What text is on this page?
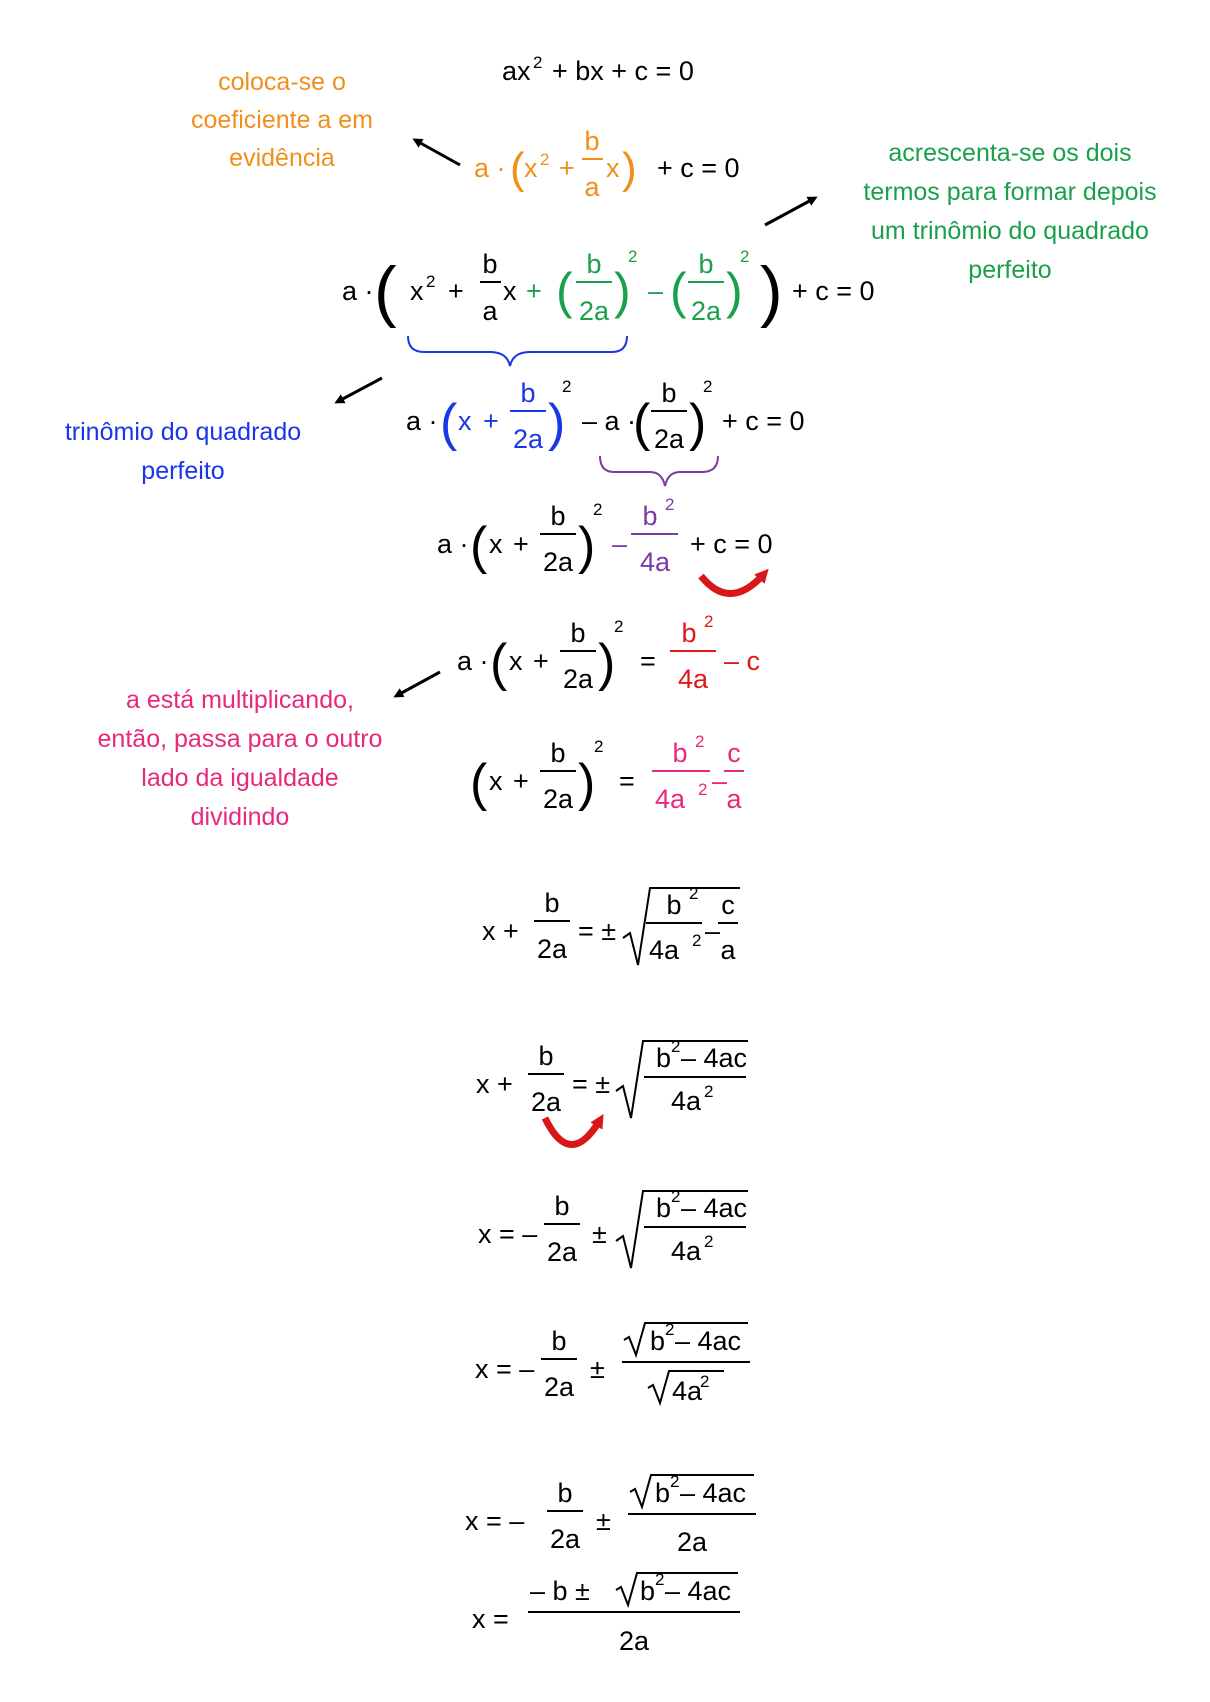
coloca-se o
coeficiente a em
evidência	acrescenta-se os dois
termos para formar depois
um trinômio do quadrado
perfeito
trinômio do quadrado
perfeito
a está multiplicando,
então, passa para o outro
lado da igualdade
dividindo
ax 2 + bx + c = 0
a · ( x 2 +
b
a
x ) + c = 0
a · ( x 2 +
b
a
x + ( b
2a )
2
– ( b
2a )
2 ) + c = 0
a · ( x +
b
2a )
2
– a ·
(
b
2a )
2
+ c = 0
a · ( x +
b
2a )
2
–
b 2
4a
+ c = 0
a · ( x +
b
2a )
2
=
b 2
4a
– c
( x +
b
2a )
2
=
b 2
4a 2 –
c
a
x +
b
2a
= ±
b 2
4a 2 –
c
a
x +
b
2a
= ±
b 2 – 4ac
4a 2
x = –
b
2a
±
b 2 – 4ac
4a 2
x = –
b
2a
±
b 2 – 4ac
4a
2
x = –
b
2a
±
b 2 – 4ac
2a
x =
– b ± b 2 – 4ac
2a
